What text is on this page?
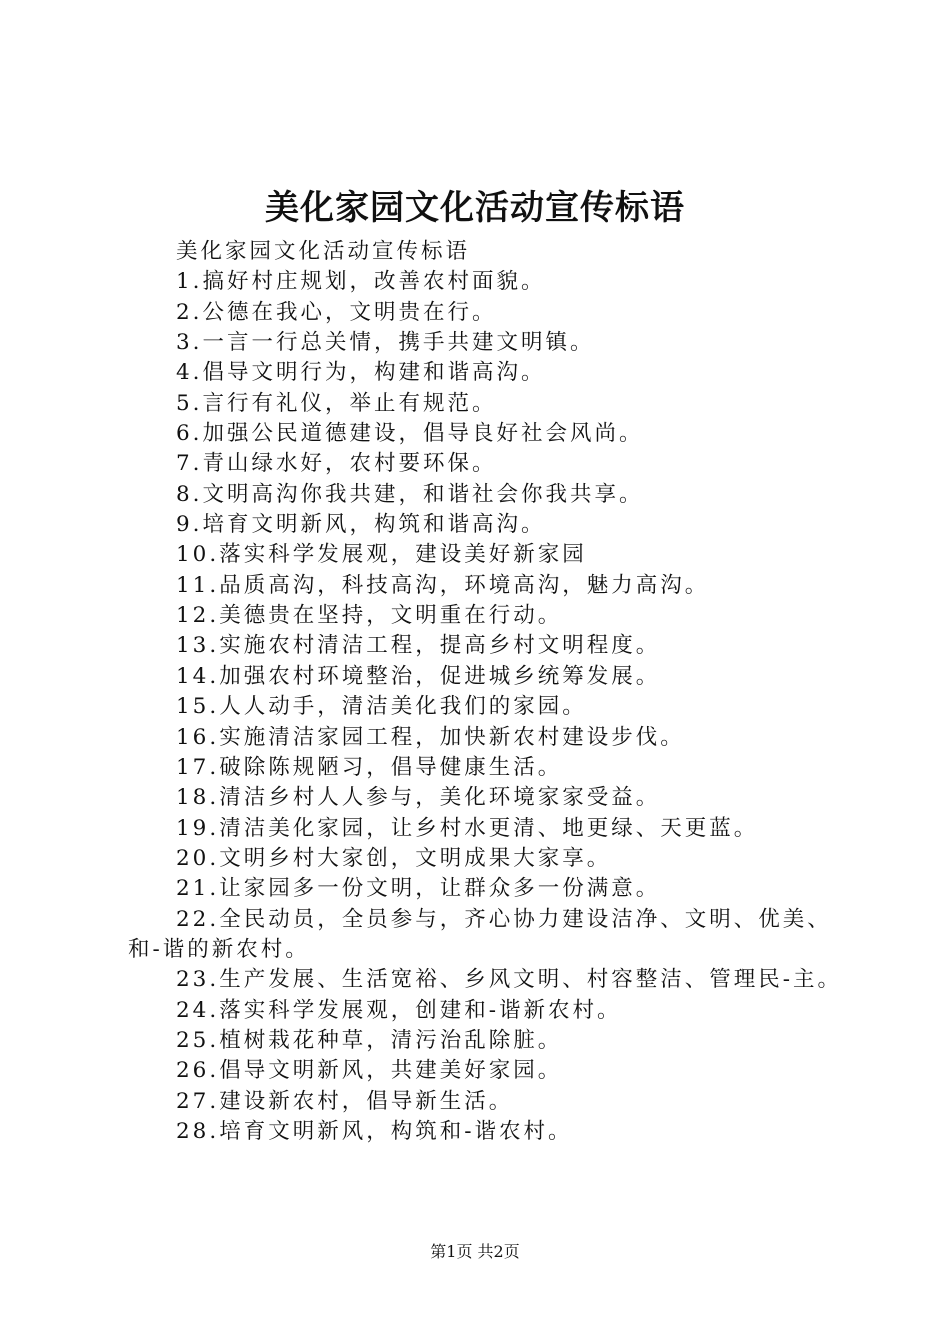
美化家园文化活动宣传标语

美化家园文化活动宣传标语

1.搞好村庄规划，改善农村面貌。

2.公德在我心，文明贵在行。

3.一言一行总关情，携手共建文明镇。

4.倡导文明行为，构建和谐高沟。

5.言行有礼仪，举止有规范。

6.加强公民道德建设，倡导良好社会风尚。

7.青山绿水好，农村要环保。

8.文明高沟你我共建，和谐社会你我共享。

9.培育文明新风，构筑和谐高沟。

10.落实科学发展观，建设美好新家园

11.品质高沟，科技高沟，环境高沟，魅力高沟。

12.美德贵在坚持，文明重在行动。

13.实施农村清洁工程，提高乡村文明程度。

14.加强农村环境整治，促进城乡统筹发展。

15.人人动手，清洁美化我们的家园。

16.实施清洁家园工程，加快新农村建设步伐。

17.破除陈规陋习，倡导健康生活。

18.清洁乡村人人参与，美化环境家家受益。

19.清洁美化家园，让乡村水更清、地更绿、天更蓝。

20.文明乡村大家创，文明成果大家享。

21.让家园多一份文明，让群众多一份满意。

22.全民动员，全员参与，齐心协力建设洁净、文明、优美、和-谐的新农村。

23.生产发展、生活宽裕、乡风文明、村容整洁、管理民-主。

24.落实科学发展观，创建和-谐新农村。

25.植树栽花种草，清污治乱除脏。

26.倡导文明新风，共建美好家园。

27.建设新农村，倡导新生活。

28.培育文明新风，构筑和-谐农村。

第1页 共2页
